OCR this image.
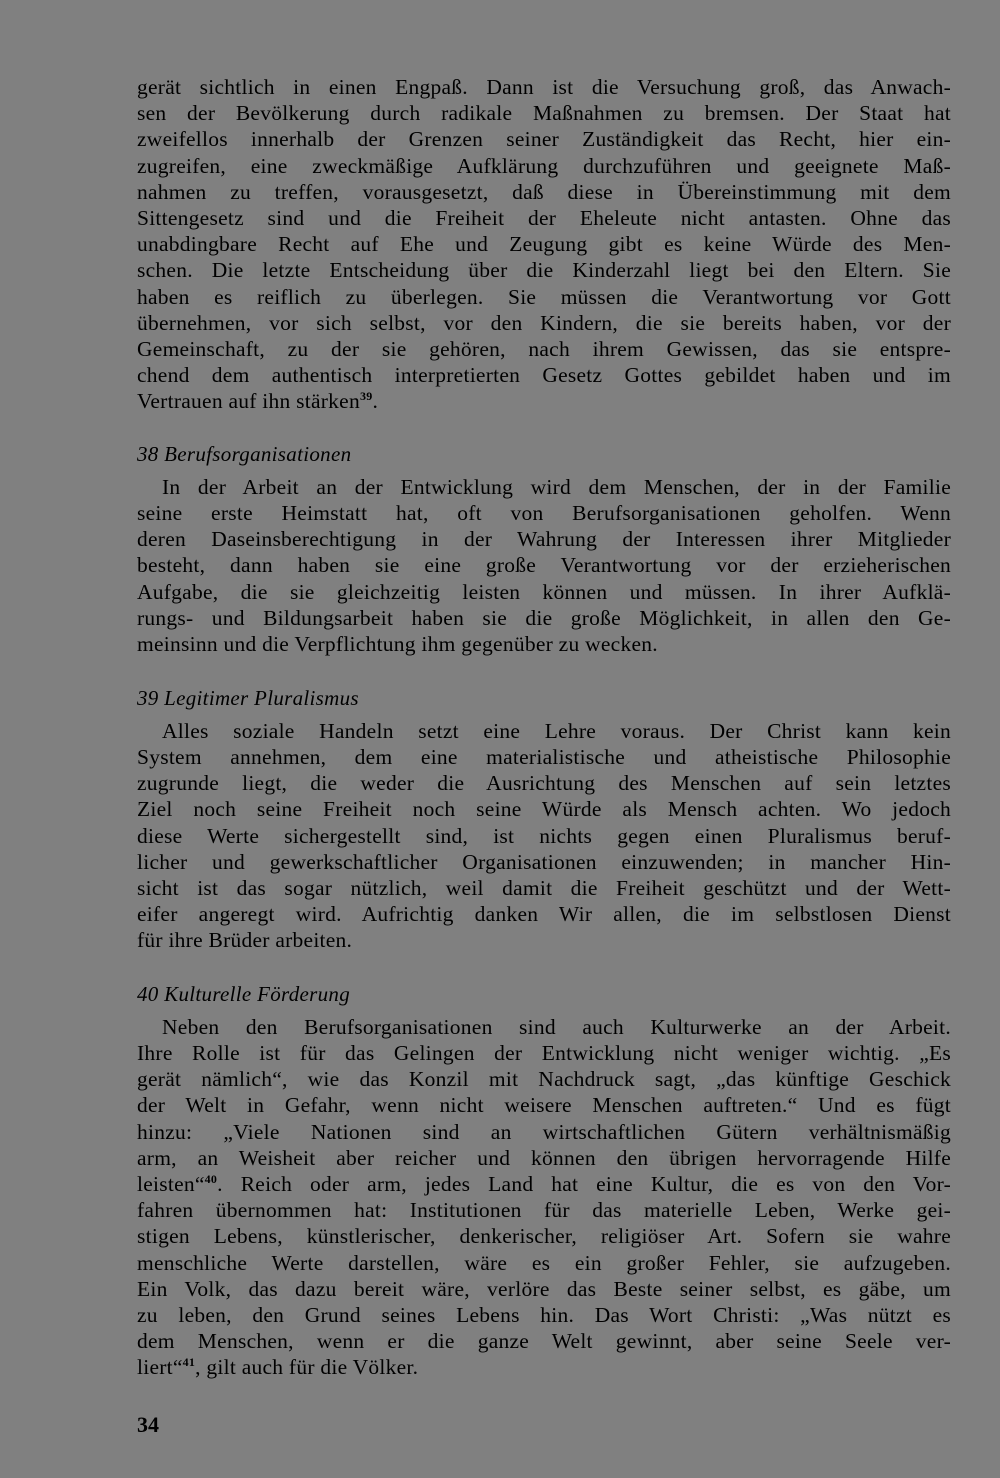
gerät sichtlich in einen Engpaß. Dann ist die Versuchung groß, das Anwach-
sen der Bevölkerung durch radikale Maßnahmen zu bremsen. Der Staat hat
zweifellos innerhalb der Grenzen seiner Zuständigkeit das Recht, hier ein-
zugreifen, eine zweckmäßige Aufklärung durchzuführen und geeignete Maß-
nahmen zu treffen, vorausgesetzt, daß diese in Übereinstimmung mit dem
Sittengesetz sind und die Freiheit der Eheleute nicht antasten. Ohne das
unabdingbare Recht auf Ehe und Zeugung gibt es keine Würde des Men-
schen. Die letzte Entscheidung über die Kinderzahl liegt bei den Eltern. Sie
haben es reiflich zu überlegen. Sie müssen die Verantwortung vor Gott
übernehmen, vor sich selbst, vor den Kindern, die sie bereits haben, vor der
Gemeinschaft, zu der sie gehören, nach ihrem Gewissen, das sie entspre-
chend dem authentisch interpretierten Gesetz Gottes gebildet haben und im
Vertrauen auf ihn stärken$^{39}$.
38 Berufsorganisationen
In der Arbeit an der Entwicklung wird dem Menschen, der in der Familie
seine erste Heimstatt hat, oft von Berufsorganisationen geholfen. Wenn
deren Daseinsberechtigung in der Wahrung der Interessen ihrer Mitglieder
besteht, dann haben sie eine große Verantwortung vor der erzieherischen
Aufgabe, die sie gleichzeitig leisten können und müssen. In ihrer Aufklä-
rungs- und Bildungsarbeit haben sie die große Möglichkeit, in allen den Ge-
meinsinn und die Verpflichtung ihm gegenüber zu wecken.
39 Legitimer Pluralismus
Alles soziale Handeln setzt eine Lehre voraus. Der Christ kann kein
System annehmen, dem eine materialistische und atheistische Philosophie
zugrunde liegt, die weder die Ausrichtung des Menschen auf sein letztes
Ziel noch seine Freiheit noch seine Würde als Mensch achten. Wo jedoch
diese Werte sichergestellt sind, ist nichts gegen einen Pluralismus beruf-
licher und gewerkschaftlicher Organisationen einzuwenden; in mancher Hin-
sicht ist das sogar nützlich, weil damit die Freiheit geschützt und der Wett-
eifer angeregt wird. Aufrichtig danken Wir allen, die im selbstlosen Dienst
für ihre Brüder arbeiten.
40 Kulturelle Förderung
Neben den Berufsorganisationen sind auch Kulturwerke an der Arbeit.
Ihre Rolle ist für das Gelingen der Entwicklung nicht weniger wichtig. „Es
gerät nämlich“, wie das Konzil mit Nachdruck sagt, „das künftige Geschick
der Welt in Gefahr, wenn nicht weisere Menschen auftreten.“ Und es fügt
hinzu: „Viele Nationen sind an wirtschaftlichen Gütern verhältnismäßig
arm, an Weisheit aber reicher und können den übrigen hervorragende Hilfe
leisten“$^{40}$. Reich oder arm, jedes Land hat eine Kultur, die es von den Vor-
fahren übernommen hat: Institutionen für das materielle Leben, Werke gei-
stigen Lebens, künstlerischer, denkerischer, religiöser Art. Sofern sie wahre
menschliche Werte darstellen, wäre es ein großer Fehler, sie aufzugeben.
Ein Volk, das dazu bereit wäre, verlöre das Beste seiner selbst, es gäbe, um
zu leben, den Grund seines Lebens hin. Das Wort Christi: „Was nützt es
dem Menschen, wenn er die ganze Welt gewinnt, aber seine Seele ver-
liert“$^{41}$, gilt auch für die Völker.
34
